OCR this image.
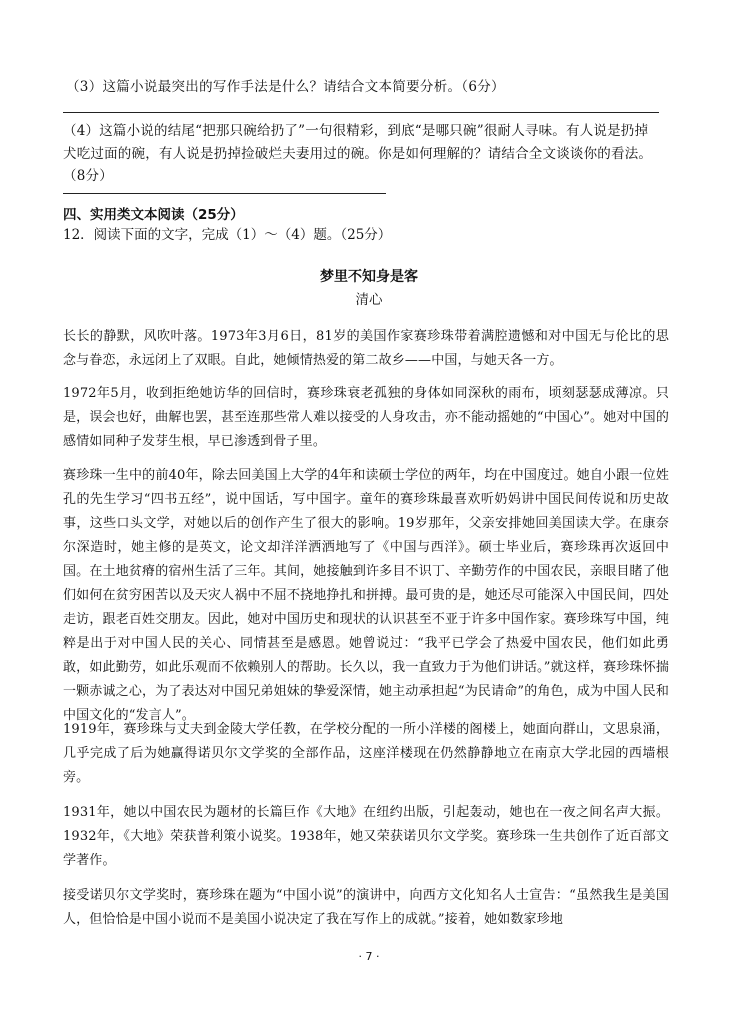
（3）这篇小说最突出的写作手法是什么？请结合文本简要分析。（6分）
（4）这篇小说的结尾“把那只碗给扔了”一句很精彩，到底“是哪只碗”很耐人寻味。有人说是扔掉犬吃过面的碗，有人说是扔掉捡破烂夫妻用过的碗。你是如何理解的？请结合全文谈谈你的看法。（8分）
四、实用类文本阅读（25分）
12．阅读下面的文字，完成（1）～（4）题。（25分）
梦里不知身是客
清心
长长的静默，风吹叶落。1973年3月6日，81岁的美国作家赛珍珠带着满腔遗憾和对中国无与伦比的思念与眷恋，永远闭上了双眼。自此，她倾情热爱的第二故乡——中国，与她天各一方。
1972年5月，收到拒绝她访华的回信时，赛珍珠衰老孤独的身体如同深秋的雨布，顷刻瑟瑟成薄凉。只是，误会也好，曲解也罢，甚至连那些常人难以接受的人身攻击，亦不能动摇她的“中国心”。她对中国的感情如同种子发芽生根，早已渗透到骨子里。
赛珍珠一生中的前40年，除去回美国上大学的4年和读硕士学位的两年，均在中国度过。她自小跟一位姓孔的先生学习“四书五经”，说中国话，写中国字。童年的赛珍珠最喜欢听奶妈讲中国民间传说和历史故事，这些口头文学，对她以后的创作产生了很大的影响。19岁那年，父亲安排她回美国读大学。在康奈尔深造时，她主修的是英文，论文却洋洋洒洒地写了《中国与西洋》。硕士毕业后，赛珍珠再次返回中国。在土地贫瘠的宿州生活了三年。其间，她接触到许多目不识丁、辛勤劳作的中国农民，亲眼目睹了他们如何在贫穷困苦以及天灾人祸中不屈不挠地挣扎和拼搏。最可贵的是，她还尽可能深入中国民间，四处走访，跟老百姓交朋友。因此，她对中国历史和现状的认识甚至不亚于许多中国作家。赛珍珠写中国，纯粹是出于对中国人民的关心、同情甚至是感恩。她曾说过：“我平已学会了热爱中国农民，他们如此勇敢，如此勤劳，如此乐观而不依赖别人的帮助。长久以，我一直致力于为他们讲话。”就这样，赛珍珠怀揣一颗赤诚之心，为了表达对中国兄弟姐妹的挚爱深情，她主动承担起“为民请命”的角色，成为中国人民和中国文化的“发言人”。
1919年，赛珍珠与丈夫到金陵大学任教，在学校分配的一所小洋楼的阁楼上，她面向群山，文思泉涌，几乎完成了后为她赢得诺贝尔文学奖的全部作品，这座洋楼现在仍然静静地立在南京大学北园的西墙根旁。
1931年，她以中国农民为题材的长篇巨作《大地》在纽约出版，引起轰动，她也在一夜之间名声大振。1932年，《大地》荣获普利策小说奖。1938年，她又荣获诺贝尔文学奖。赛珍珠一生共创作了近百部文学著作。
接受诺贝尔文学奖时，赛珍珠在题为“中国小说”的演讲中，向西方文化知名人士宣告：“虽然我生是美国人，但恰恰是中国小说而不是美国小说决定了我在写作上的成就。”接着，她如数家珍地
· 7 ·
